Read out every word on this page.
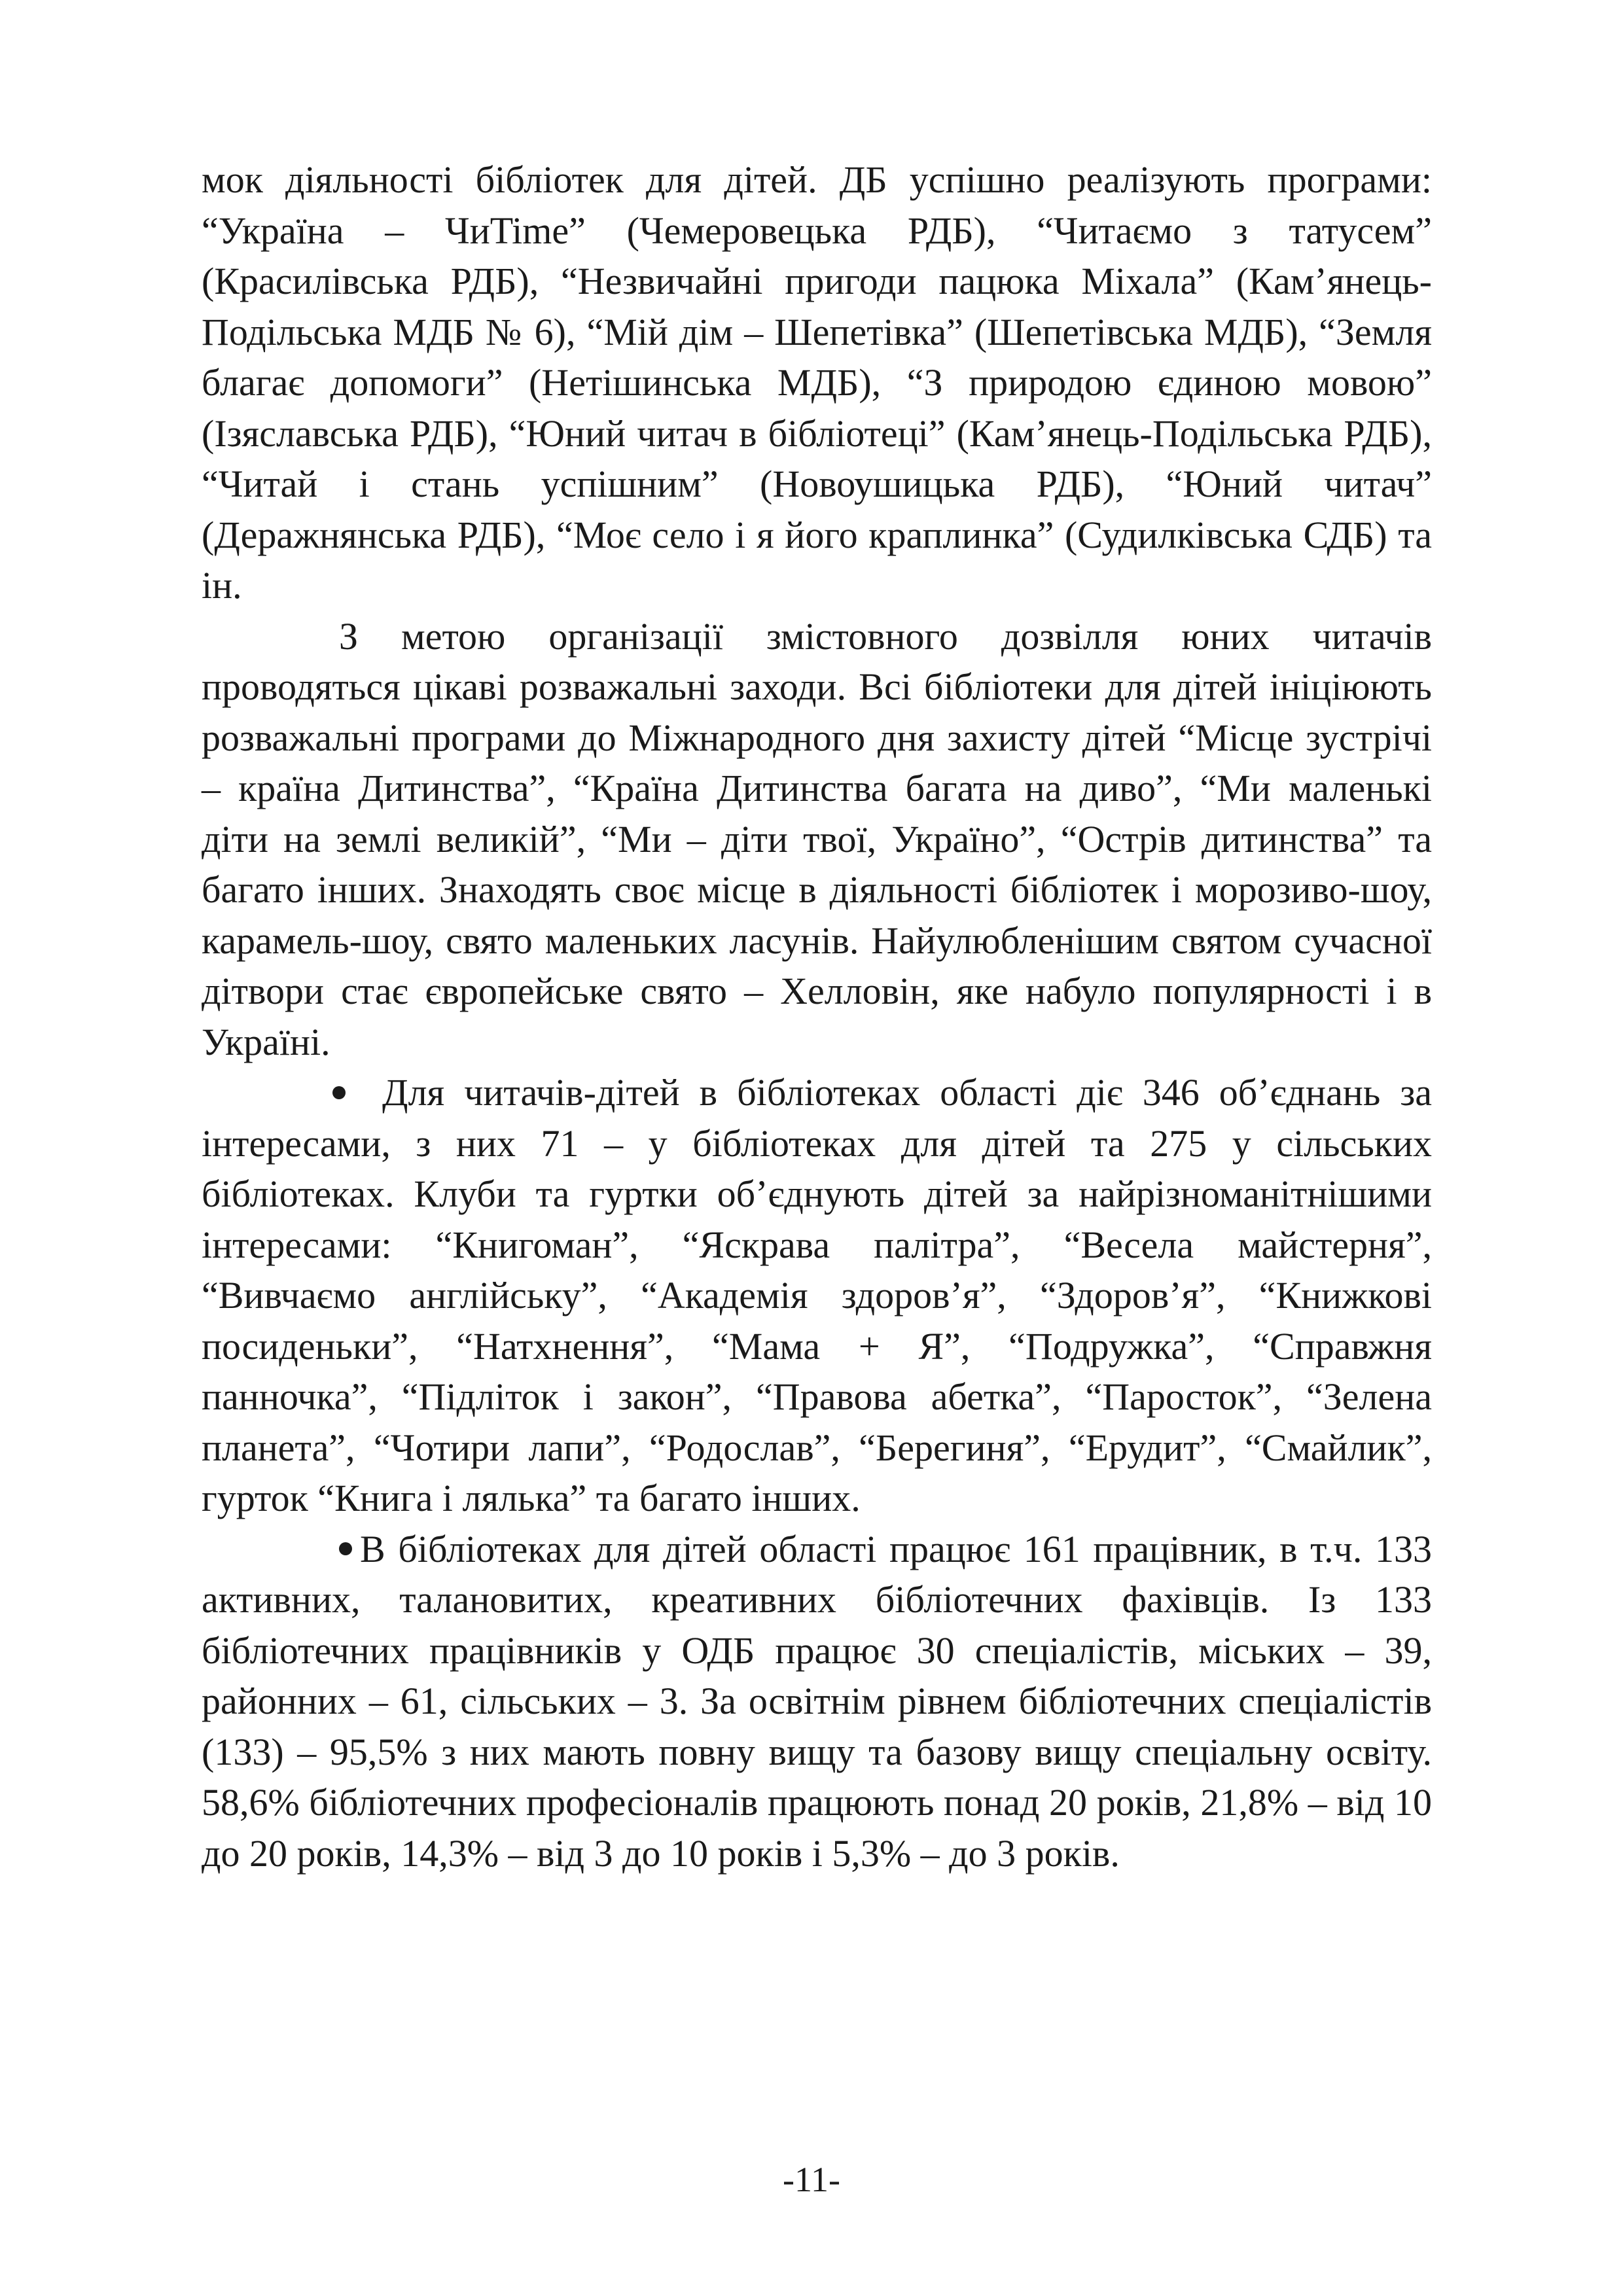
мок діяльності бібліотек для дітей. ДБ успішно реалізують програми: “Україна – ЧиTime” (Чемеровецька РДБ), “Читаємо з татусем” (Красилівська РДБ), “Незвичайні пригоди пацюка Міхала” (Кам’янець-Подільська МДБ № 6), “Мій дім – Шепетівка” (Шепетівська МДБ), “Земля благає допомоги” (Нетішинська МДБ), “З природою єдиною мовою” (Ізяславська РДБ), “Юний читач в бібліотеці” (Кам’янець-Подільська РДБ), “Читай і стань успішним” (Новоушицька РДБ), “Юний читач” (Деражнянська РДБ), “Моє село і я його краплинка” (Судилківська СДБ) та ін.

З метою організації змістовного дозвілля юних читачів проводяться цікаві розважальні заходи. Всі бібліотеки для дітей ініціюють розважальні програми до Міжнародного дня захисту дітей “Місце зустрічі – країна Дитинства”, “Країна Дитинства багата на диво”, “Ми маленькі діти на землі великій”, “Ми – діти твої, Україно”, “Острів дитинства” та багато інших. Знаходять своє місце в діяльності бібліотек і морозиво-шоу, карамель-шоу, свято маленьких ласунів. Найулюбленішим святом сучасної дітвори стає європейське свято – Хелловін, яке набуло популярності і в Україні.

Для читачів-дітей в бібліотеках області діє 346 об’єднань за інтересами, з них 71 – у бібліотеках для дітей та 275 у сільських бібліотеках. Клуби та гуртки об’єднують дітей за найрізноманітнішими інтересами: “Книгоман”, “Яскрава палітра”, “Весела майстерня”, “Вивчаємо англійську”, “Академія здоров’я”, “Здоров’я”, “Книжкові посиденьки”, “Натхнення”, “Мама + Я”, “Подружка”, “Справжня панночка”, “Підліток і закон”, “Правова абетка”, “Паросток”, “Зелена планета”, “Чотири лапи”, “Родослав”, “Берегиня”, “Ерудит”, “Смайлик”, гурток “Книга і лялька” та багато інших.

В бібліотеках для дітей області працює 161 працівник, в т.ч. 133 активних, талановитих, креативних бібліотечних фахівців. Із 133 бібліотечних працівників у ОДБ працює 30 спеціалістів, міських – 39, районних – 61, сільських – 3. За освітнім рівнем бібліотечних спеціалістів (133) – 95,5% з них мають повну вищу та базову вищу спеціальну освіту. 58,6% бібліотечних професіоналів працюють понад 20 років, 21,8% – від 10 до 20 років, 14,3% – від 3 до 10 років і 5,3% – до 3 років.

-11-
